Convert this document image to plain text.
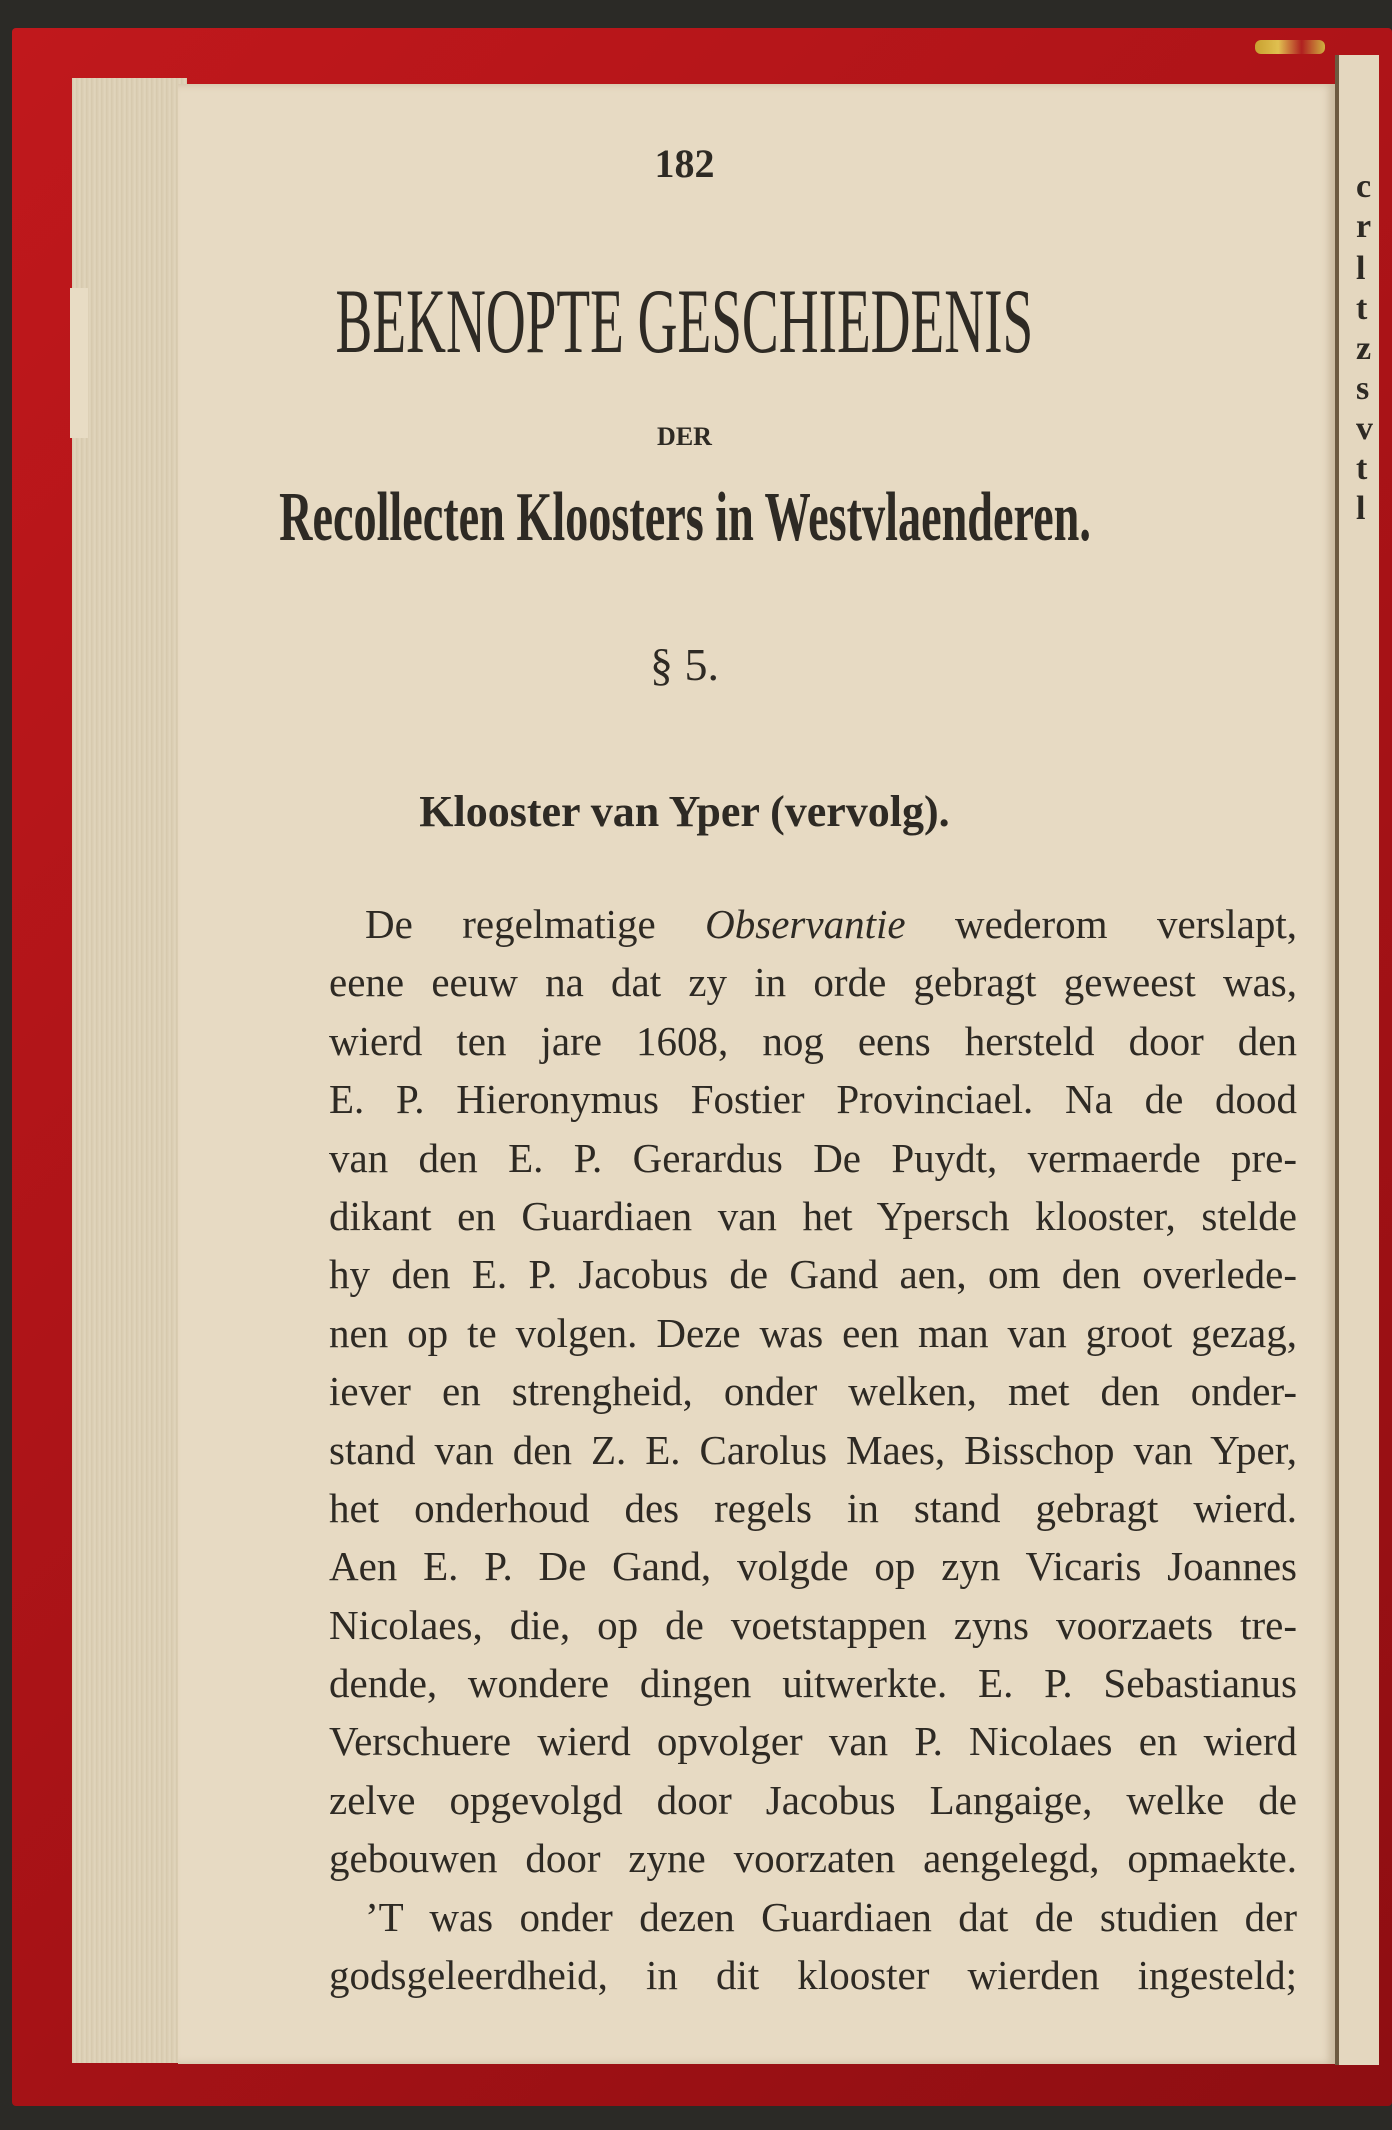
c
r
l
t
z
s
v
t
l
182
BEKNOPTE GESCHIEDENIS
DER
Recollecten Kloosters in Westvlaenderen.
§ 5.
Klooster van Yper (vervolg).
De regelmatige Observantie wederom verslapt,
eene eeuw na dat zy in orde gebragt geweest was,
wierd ten jare 1608, nog eens hersteld door den
E. P. Hieronymus Fostier Provinciael. Na de dood
van den E. P. Gerardus De Puydt, vermaerde pre-
dikant en Guardiaen van het Ypersch klooster, stelde
hy den E. P. Jacobus de Gand aen, om den overlede-
nen op te volgen. Deze was een man van groot gezag,
iever en strengheid, onder welken, met den onder-
stand van den Z. E. Carolus Maes, Bisschop van Yper,
het onderhoud des regels in stand gebragt wierd.
Aen E. P. De Gand, volgde op zyn Vicaris Joannes
Nicolaes, die, op de voetstappen zyns voorzaets tre-
dende, wondere dingen uitwerkte. E. P. Sebastianus
Verschuere wierd opvolger van P. Nicolaes en wierd
zelve opgevolgd door Jacobus Langaige, welke de
gebouwen door zyne voorzaten aengelegd, opmaekte.
’T was onder dezen Guardiaen dat de studien der
godsgeleerdheid, in dit klooster wierden ingesteld;
